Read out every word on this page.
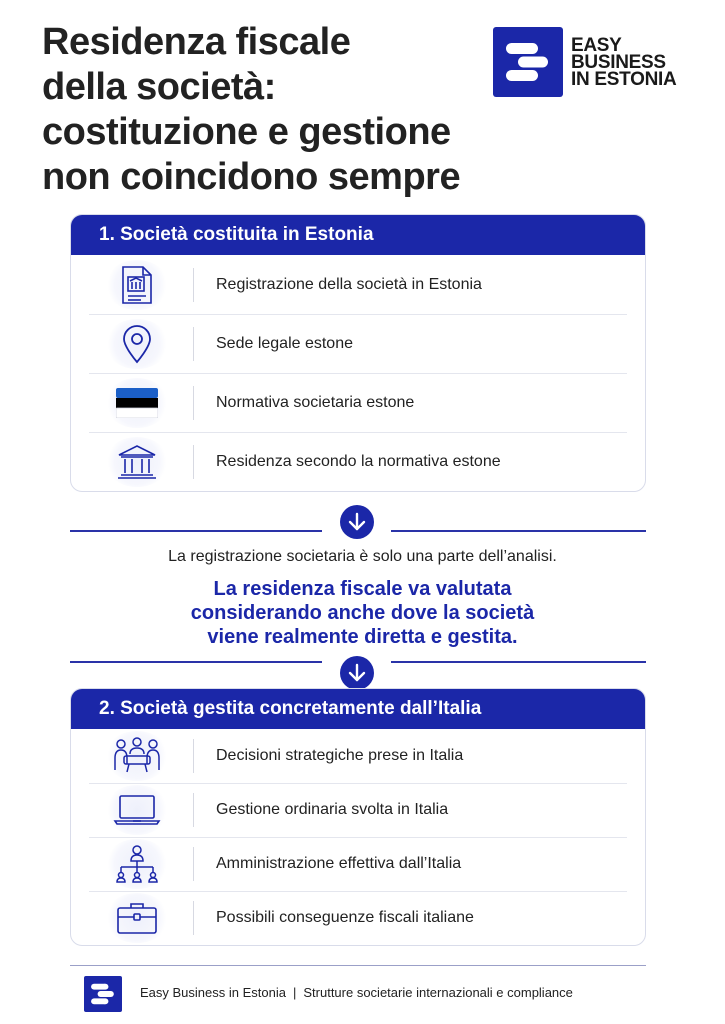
Residenza fiscale
della società:
costituzione e gestione
non coincidono sempre
EASY
BUSINESS
IN ESTONIA
1. Società costituita in Estonia
Registrazione della società in Estonia
Sede legale estone
Normativa societaria estone
Residenza secondo la normativa estone
La registrazione societaria è solo una parte dell’analisi.
La residenza fiscale va valutata
considerando anche dove la società
viene realmente diretta e gestita.
2. Società gestita concretamente dall’Italia
Decisioni strategiche prese in Italia
Gestione ordinaria svolta in Italia
Amministrazione effettiva dall’Italia
Possibili conseguenze fiscali italiane
Easy Business in Estonia | Strutture societarie internazionali e compliance
